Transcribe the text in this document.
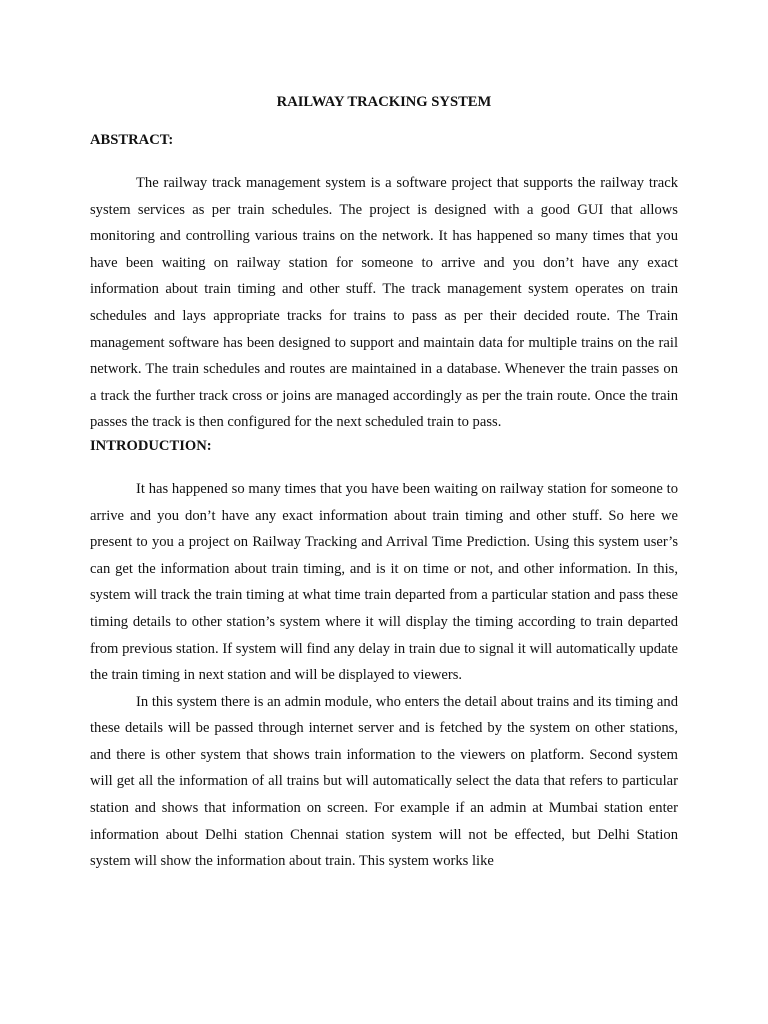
RAILWAY TRACKING SYSTEM
ABSTRACT:

The railway track management system is a software project that supports the railway track system services as per train schedules. The project is designed with a good GUI that allows monitoring and controlling various trains on the network. It has happened so many times that you have been waiting on railway station for someone to arrive and you don’t have any exact information about train timing and other stuff. The track management system operates on train schedules and lays appropriate tracks for trains to pass as per their decided route. The Train management software has been designed to support and maintain data for multiple trains on the rail network. The train schedules and routes are maintained in a database. Whenever the train passes on a track the further track cross or joins are managed accordingly as per the train route. Once the train passes the track is then configured for the next scheduled train to pass.

INTRODUCTION:

It has happened so many times that you have been waiting on railway station for someone to arrive and you don’t have any exact information about train timing and other stuff. So here we present to you a project on Railway Tracking and Arrival Time Prediction. Using this system user’s can get the information about train timing, and is it on time or not, and other information. In this, system will track the train timing at what time train departed from a particular station and pass these timing details to other station’s system where it will display the timing according to train departed from previous station. If system will find any delay in train due to signal it will automatically update the train timing in next station and will be displayed to viewers.

In this system there is an admin module, who enters the detail about trains and its timing and these details will be passed through internet server and is fetched by the system on other stations, and there is other system that shows train information to the viewers on platform. Second system will get all the information of all trains but will automatically select the data that refers to particular station and shows that information on screen. For example if an admin at Mumbai station enter information about Delhi station Chennai station system will not be effected, but Delhi Station system will show the information about train. This system works like
